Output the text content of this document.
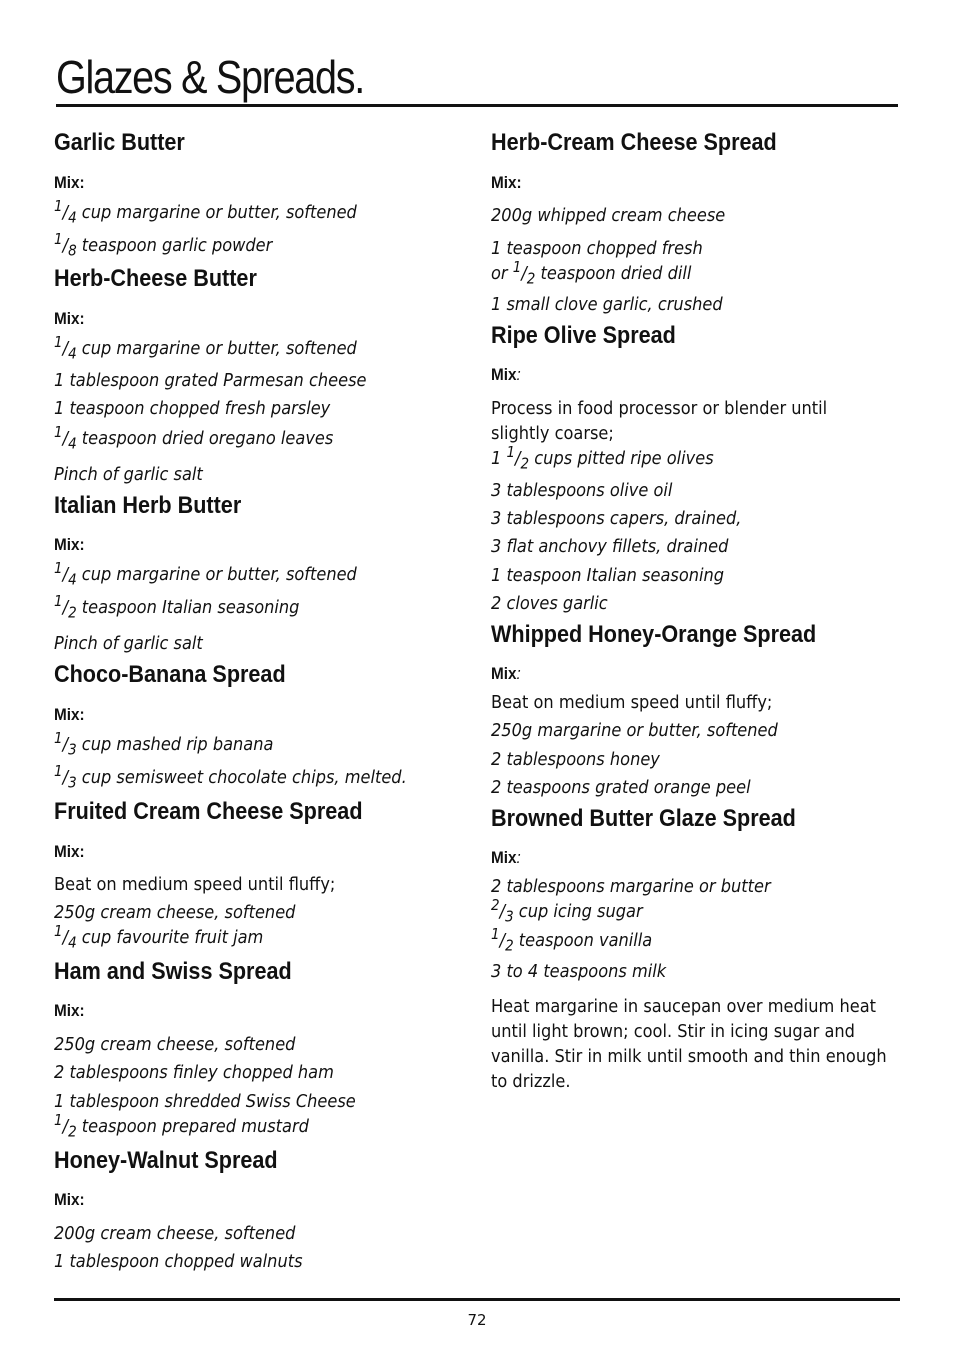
Glazes & Spreads.
Garlic Butter
Mix:
$^1/_4$ cup margarine or butter, softened
$^1/_8$ teaspoon garlic powder
Herb-Cheese Butter
Mix:
$^1/_4$ cup margarine or butter, softened
1 tablespoon grated Parmesan cheese
1 teaspoon chopped fresh parsley
$^1/_4$ teaspoon dried oregano leaves
Pinch of garlic salt
Italian Herb Butter
Mix:
$^1/_4$ cup margarine or butter, softened
$^1/_2$ teaspoon Italian seasoning
Pinch of garlic salt
Choco-Banana Spread
Mix:
$^1/_3$ cup mashed rip banana
$^1/_3$ cup semisweet chocolate chips, melted.
Fruited Cream Cheese Spread
Mix:
Beat on medium speed until fluffy;
250g cream cheese, softened
$^1/_4$ cup favourite fruit jam
Ham and Swiss Spread
Mix:
250g cream cheese, softened
2 tablespoons finley chopped ham
1 tablespoon shredded Swiss Cheese
$^1/_2$ teaspoon prepared mustard
Honey-Walnut Spread
Mix:
200g cream cheese, softened
1 tablespoon chopped walnuts
Herb-Cream Cheese Spread
Mix:
200g whipped cream cheese
1 teaspoon chopped fresh
or $^1/_2$ teaspoon dried dill
1 small clove garlic, crushed
Ripe Olive Spread
Mix:
Process in food processor or blender until
slightly coarse;
1 $^1/_2$ cups pitted ripe olives
3 tablespoons olive oil
3 tablespoons capers, drained,
3 flat anchovy fillets, drained
1 teaspoon Italian seasoning
2 cloves garlic
Whipped Honey-Orange Spread
Mix:
Beat on medium speed until fluffy;
250g margarine or butter, softened
2 tablespoons honey
2 teaspoons grated orange peel
Browned Butter Glaze Spread
Mix:
2 tablespoons margarine or butter
$^2/_3$ cup icing sugar
$^1/_2$ teaspoon vanilla
3 to 4 teaspoons milk
Heat margarine in saucepan over medium heat until light brown; cool. Stir in icing sugar and vanilla. Stir in milk until smooth and thin enough to drizzle.
72
